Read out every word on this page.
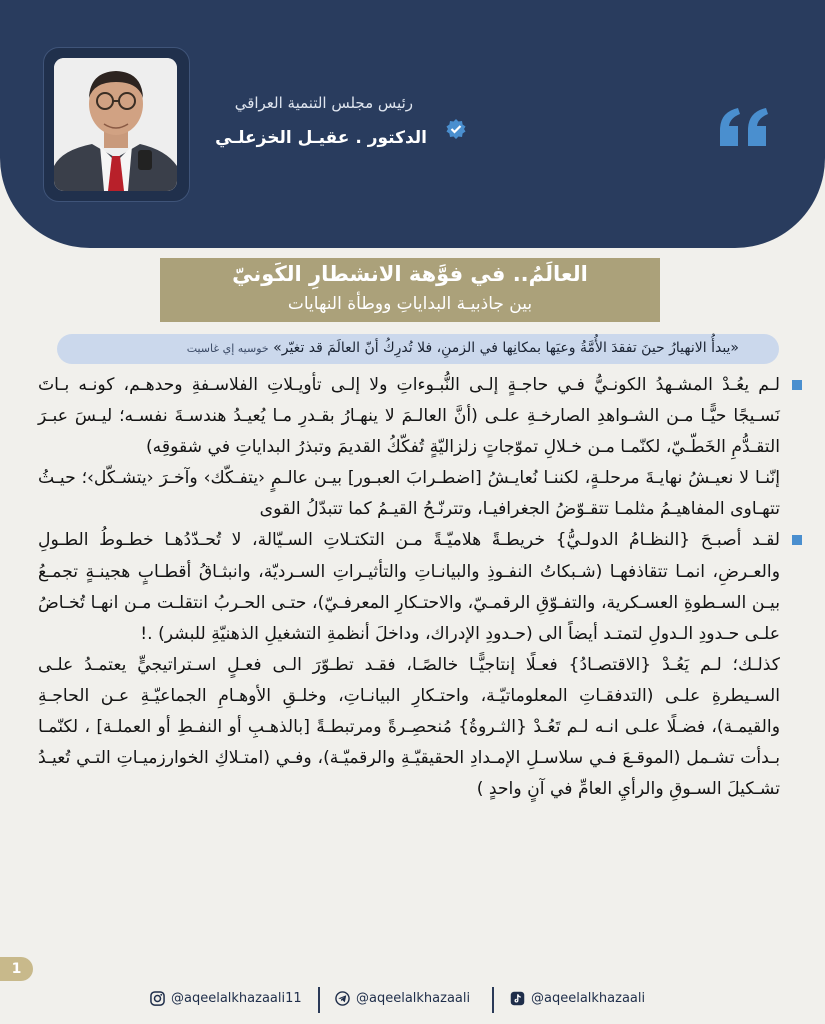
رئيس مجلس التنمية العراقي
الدكتور . عقيـل الخزعلـي
العالَمُ.. في فوَّهة الانشطارِ الكَونيّ
بين جاذبيـة البداياتِ ووطأة النهايات
«يبدأُ الانهيارُ حينَ تفقدَ الأُمَّةُ وعيَها بمكانِها في الزمنِ، فلا تُدرِكُ أنّ العالَمَ قد تغيّر» خوسيه إي غاسيت

لـم يعُـدْ المشـهدُ الكونـيُّ فـي حاجـةٍ إلـى النُّبـوءاتِ ولا إلـى تأويـلاتِ الفلاسـفةِ وحدهـم، كونـه بـاتَ نَسـيجًا حيًّـا مـن الشـواهدِ الصارخـةِ علـى (أنَّ العالـمَ لا ينهـارُ بقـدرِ مـا يُعيـدُ هندسـةَ نفسـه؛ ليـسَ عبـرَ التقـدُّمِ الخَطّـيّ، لكنّمـا مـن خـلالِ تموّجاتٍ زلزاليّةٍ تُفكّكُ القديمَ وتبذرُ البداياتِ في شقوقِه)

إنّنـا لا نعيـشُ نهايـةَ مرحلـةٍ، لكننـا نُعايـشُ [اضطـرابَ العبـور] بيـن عالـمٍ ‹يتفـكّك› وآخـرَ ‹يتشـكّل›؛ حيـثُ تتهـاوى المفاهيـمُ مثلمـا تتقـوّضُ الجغرافيـا، وتترنّـحُ القيـمُ كما تتبدّلُ القوى

لقـد أصبـحَ {النظـامُ الدولـيُّ} خريطـةً هلاميّـةً مـن التكتـلاتِ السـيّالة، لا تُحـدّدُهـا خطـوطُ الطـولِ والعـرضِ، انمـا تتقاذفهـا (شـبكاتُ النفـوذِ والبيانـاتِ والتأثيـراتِ السـرديّة، وانبثـاقُ أقطـابٍ هجينـةٍ تجمـعُ بيـن السـطوةِ العسـكرية، والتفـوّقِ الرقمـيّ، والاحتـكارِ المعرفـيّ)، حتـى الحـربُ انتقلـت مـن انهـا تُخـاضُ علـى حـدودِ الـدولِ لتمتـد أيضاً الى (حـدودِ الإدراك، وداخلَ أنظمةِ التشغيلِ الذهنيّةِ للبشر) .!

كذلـك؛ لـم يَعُـدْ {الاقتصـادُ} فعـلًا إنتاجيًّـا خالصًـا، فقـد تطـوّرَ الـى فعـلٍ اسـتراتيجيٍّ يعتمـدُ علـى السـيطرةِ علـى (التدفقـاتِ المعلوماتيّـة، واحتـكارِ البيانـاتِ، وخلـقِ الأوهـامِ الجماعيّـةِ عـن الحاجـةِ والقيمـة)، فضـلًا علـى انـه لـم تَعُـدْ {الثـروةُ} مُنحصِـرةً ومرتبطـةً [بالذهـبِ أو النفـطِ أو العملـة] ، لكنّمـا بـدأت تشـمل (الموقـعَ فـي سلاسـلِ الإمـدادِ الحقيقيّـةِ والرقميّـة)، وفـي (امتـلاكِ الخوارزميـاتِ التـي تُعيـدُ تشـكيلَ السـوقِ والرأيِ العامِّ في آنٍ واحدٍ )

1
@aqeelalkhazaali11	@aqeelalkhazaali	@aqeelalkhazaali
